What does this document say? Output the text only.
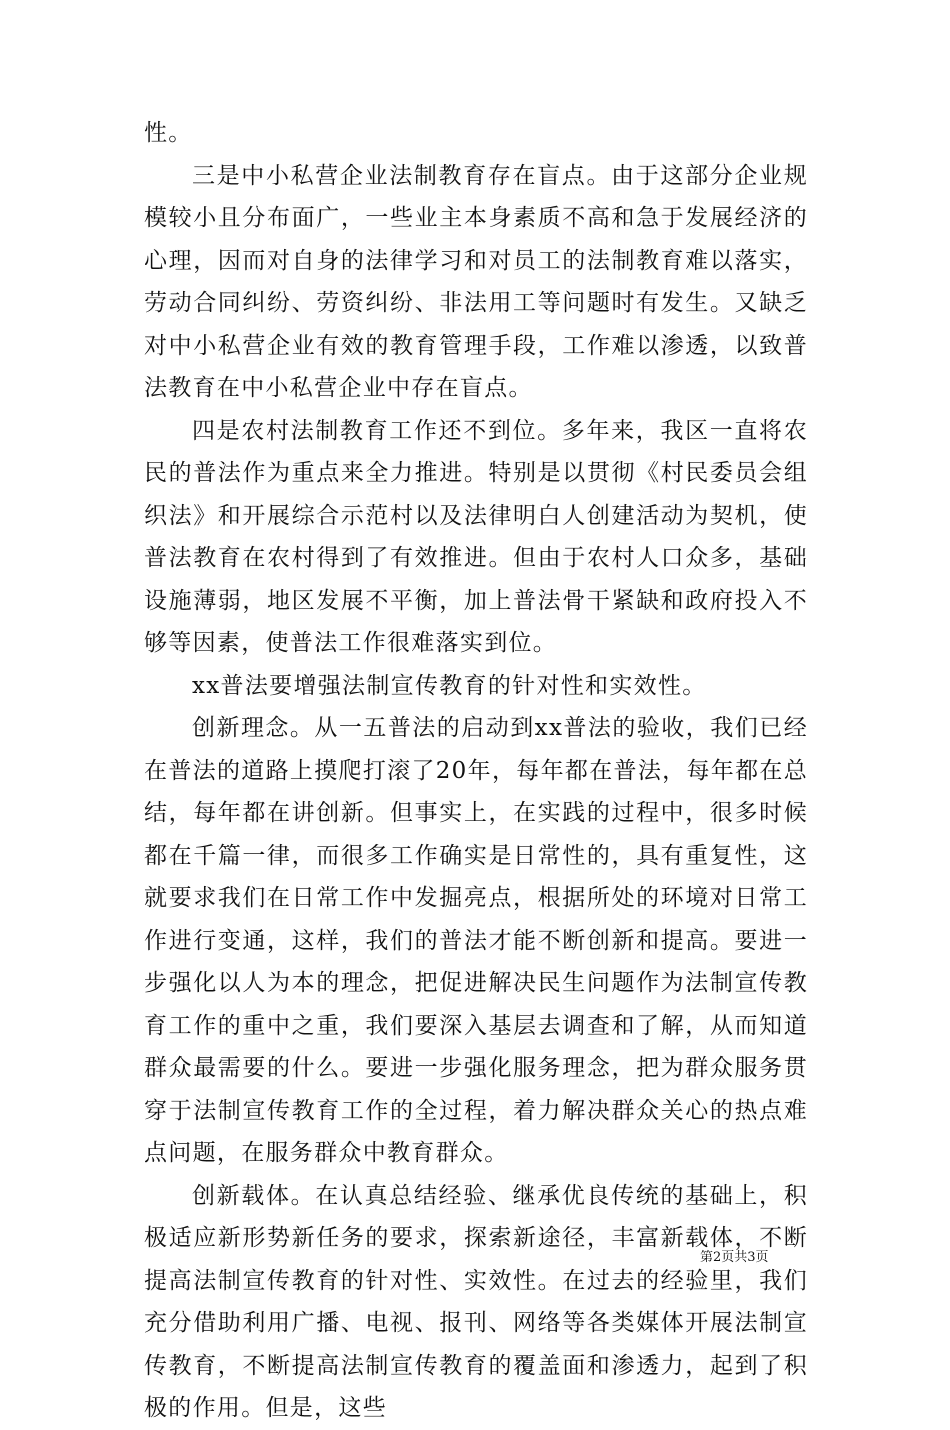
性。

三是中小私营企业法制教育存在盲点。由于这部分企业规模较小且分布面广，一些业主本身素质不高和急于发展经济的心理，因而对自身的法律学习和对员工的法制教育难以落实，劳动合同纠纷、劳资纠纷、非法用工等问题时有发生。又缺乏对中小私营企业有效的教育管理手段，工作难以渗透，以致普法教育在中小私营企业中存在盲点。

四是农村法制教育工作还不到位。多年来，我区一直将农民的普法作为重点来全力推进。特别是以贯彻《村民委员会组织法》和开展综合示范村以及法律明白人创建活动为契机，使普法教育在农村得到了有效推进。但由于农村人口众多，基础设施薄弱，地区发展不平衡，加上普法骨干紧缺和政府投入不够等因素，使普法工作很难落实到位。

xx普法要增强法制宣传教育的针对性和实效性。

创新理念。从一五普法的启动到xx普法的验收，我们已经在普法的道路上摸爬打滚了20年，每年都在普法，每年都在总结，每年都在讲创新。但事实上，在实践的过程中，很多时候都在千篇一律，而很多工作确实是日常性的，具有重复性，这就要求我们在日常工作中发掘亮点，根据所处的环境对日常工作进行变通，这样，我们的普法才能不断创新和提高。要进一步强化以人为本的理念，把促进解决民生问题作为法制宣传教育工作的重中之重，我们要深入基层去调查和了解，从而知道群众最需要的什么。要进一步强化服务理念，把为群众服务贯穿于法制宣传教育工作的全过程，着力解决群众关心的热点难点问题，在服务群众中教育群众。

创新载体。在认真总结经验、继承优良传统的基础上，积极适应新形势新任务的要求，探索新途径，丰富新载体，不断提高法制宣传教育的针对性、实效性。在过去的经验里，我们充分借助利用广播、电视、报刊、网络等各类媒体开展法制宣传教育，不断提高法制宣传教育的覆盖面和渗透力，起到了积极的作用。但是，这些

第2页共3页
